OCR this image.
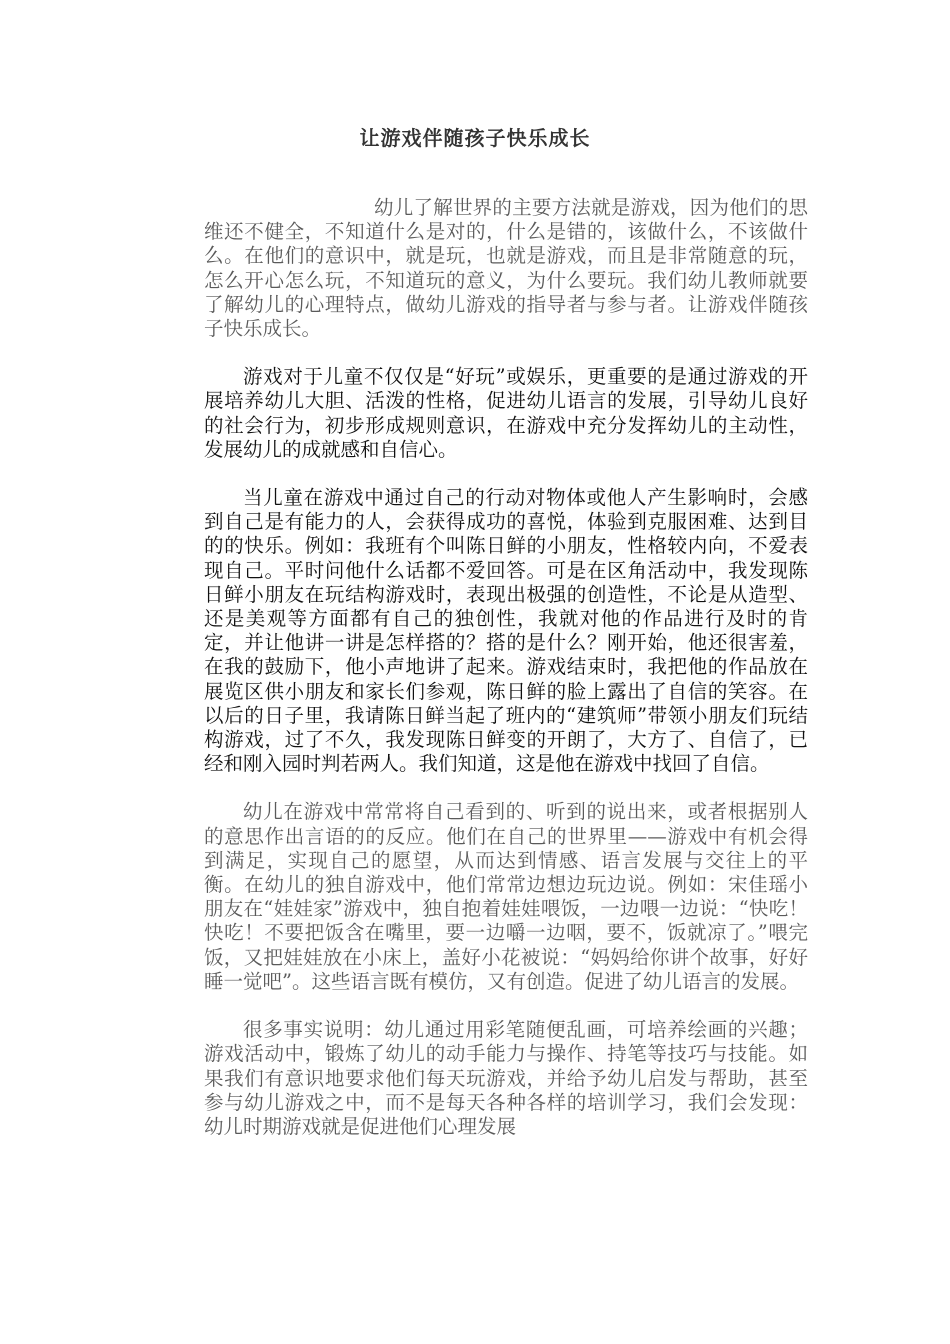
让游戏伴随孩子快乐成长

幼儿了解世界的主要方法就是游戏，因为他们的思维还不健全，不知道什么是对的，什么是错的，该做什么，不该做什么。在他们的意识中，就是玩，也就是游戏，而且是非常随意的玩，怎么开心怎么玩，不知道玩的意义，为什么要玩。我们幼儿教师就要了解幼儿的心理特点，做幼儿游戏的指导者与参与者。让游戏伴随孩子快乐成长。

游戏对于儿童不仅仅是“好玩”或娱乐，更重要的是通过游戏的开展培养幼儿大胆、活泼的性格，促进幼儿语言的发展，引导幼儿良好的社会行为，初步形成规则意识，在游戏中充分发挥幼儿的主动性，发展幼儿的成就感和自信心。

当儿童在游戏中通过自己的行动对物体或他人产生影响时，会感到自己是有能力的人，会获得成功的喜悦，体验到克服困难、达到目的的快乐。例如：我班有个叫陈日鲜的小朋友，性格较内向，不爱表现自己。平时问他什么话都不爱回答。可是在区角活动中，我发现陈日鲜小朋友在玩结构游戏时，表现出极强的创造性，不论是从造型、还是美观等方面都有自己的独创性，我就对他的作品进行及时的肯定，并让他讲一讲是怎样搭的？搭的是什么？刚开始，他还很害羞，在我的鼓励下，他小声地讲了起来。游戏结束时，我把他的作品放在展览区供小朋友和家长们参观，陈日鲜的脸上露出了自信的笑容。在以后的日子里，我请陈日鲜当起了班内的“建筑师”带领小朋友们玩结构游戏，过了不久，我发现陈日鲜变的开朗了，大方了、自信了，已经和刚入园时判若两人。我们知道，这是他在游戏中找回了自信。

幼儿在游戏中常常将自己看到的、听到的说出来，或者根据别人的意思作出言语的的反应。他们在自己的世界里——游戏中有机会得到满足，实现自己的愿望，从而达到情感、语言发展与交往上的平衡。在幼儿的独自游戏中，他们常常边想边玩边说。例如：宋佳瑶小朋友在“娃娃家”游戏中，独自抱着娃娃喂饭，一边喂一边说：“快吃！快吃！不要把饭含在嘴里，要一边嚼一边咽，要不，饭就凉了。”喂完饭，又把娃娃放在小床上，盖好小花被说：“妈妈给你讲个故事，好好睡一觉吧”。这些语言既有模仿，又有创造。促进了幼儿语言的发展。

很多事实说明：幼儿通过用彩笔随便乱画，可培养绘画的兴趣；游戏活动中，锻炼了幼儿的动手能力与操作、持笔等技巧与技能。如果我们有意识地要求他们每天玩游戏，并给予幼儿启发与帮助，甚至参与幼儿游戏之中，而不是每天各种各样的培训学习，我们会发现：幼儿时期游戏就是促进他们心理发展
